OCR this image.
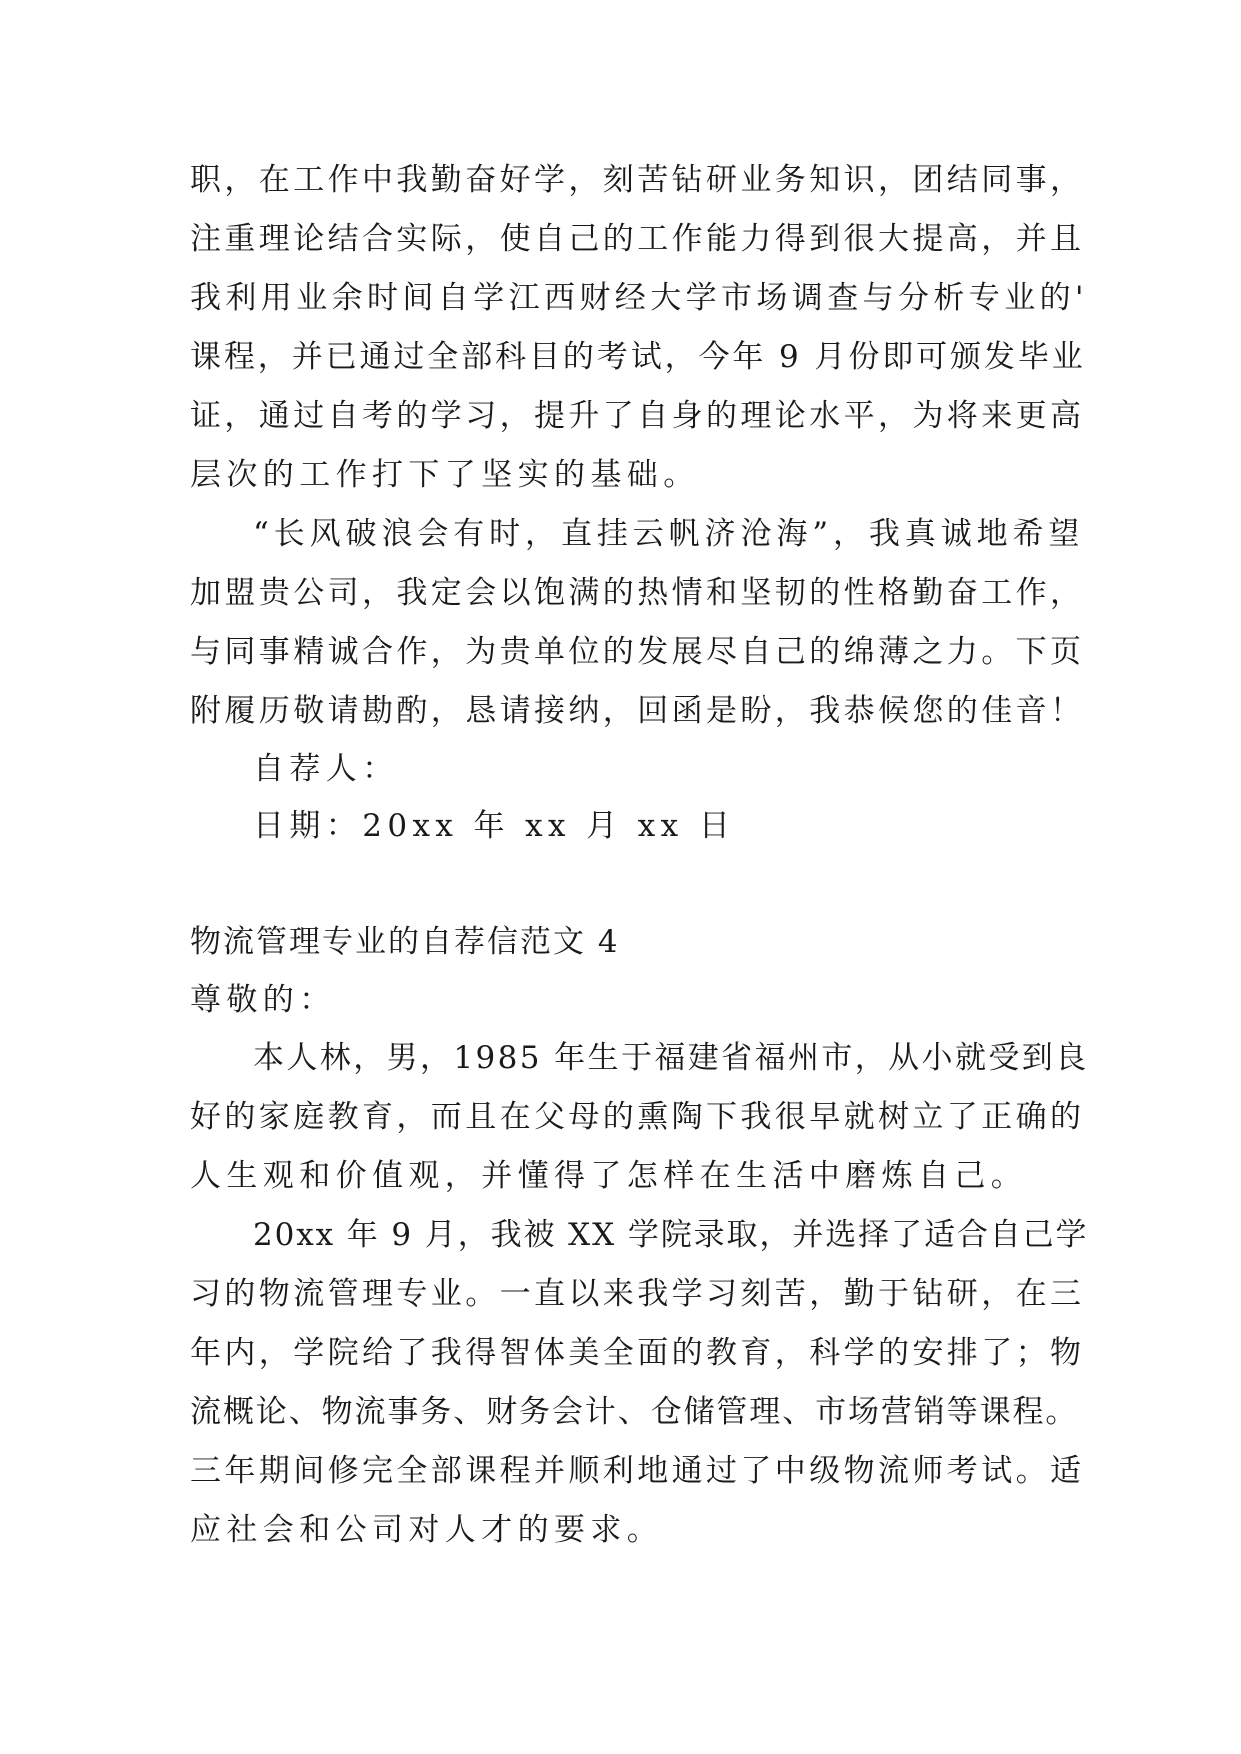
职，在工作中我勤奋好学，刻苦钻研业务知识，团结同事，
注重理论结合实际，使自己的工作能力得到很大提高，并且
我利用业余时间自学江西财经大学市场调查与分析专业的'
课程，并已通过全部科目的考试，今年 9 月份即可颁发毕业
证，通过自考的学习，提升了自身的理论水平，为将来更高
层次的工作打下了坚实的基础。
“长风破浪会有时，直挂云帆济沧海”，我真诚地希望
加盟贵公司，我定会以饱满的热情和坚韧的性格勤奋工作，
与同事精诚合作，为贵单位的发展尽自己的绵薄之力。下页
附履历敬请勘酌，恳请接纳，回函是盼，我恭候您的佳音！
自荐人：
日期：20xx 年 xx 月 xx 日
物流管理专业的自荐信范文 4
尊敬的：
本人林，男，1985 年生于福建省福州市，从小就受到良
好的家庭教育，而且在父母的熏陶下我很早就树立了正确的
人生观和价值观，并懂得了怎样在生活中磨炼自己。
20xx 年 9 月，我被 XX 学院录取，并选择了适合自己学
习的物流管理专业。一直以来我学习刻苦，勤于钻研，在三
年内，学院给了我得智体美全面的教育，科学的安排了；物
流概论、物流事务、财务会计、仓储管理、市场营销等课程。
三年期间修完全部课程并顺利地通过了中级物流师考试。适
应社会和公司对人才的要求。
